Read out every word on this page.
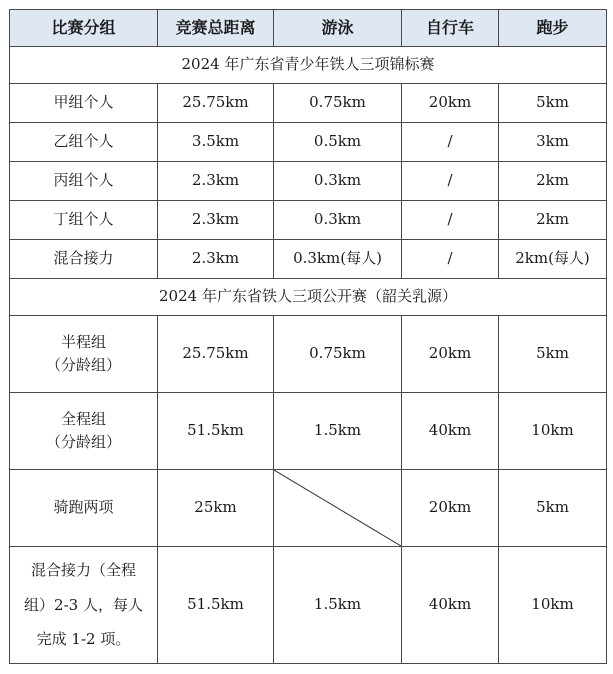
比赛分组	竞赛总距离	游泳	自行车	跑步
2024 年广东省青少年铁人三项锦标赛				
甲组个人	25.75km	0.75km	20km	5km
乙组个人	3.5km	0.5km	/	3km
丙组个人	2.3km	0.3km	/	2km
丁组个人	2.3km	0.3km	/	2km
混合接力	2.3km	0.3km(每人)	/	2km(每人)
2024 年广东省铁人三项公开赛（韶关乳源）				

半程组
（分龄组）	25.75km	0.75km	20km	5km

全程组
（分龄组）	51.5km	1.5km	40km	10km
骑跑两项	25km		20km	5km

混合接力（全程
组）2-3 人，每人
完成 1-2 项。	51.5km	1.5km	40km	10km
